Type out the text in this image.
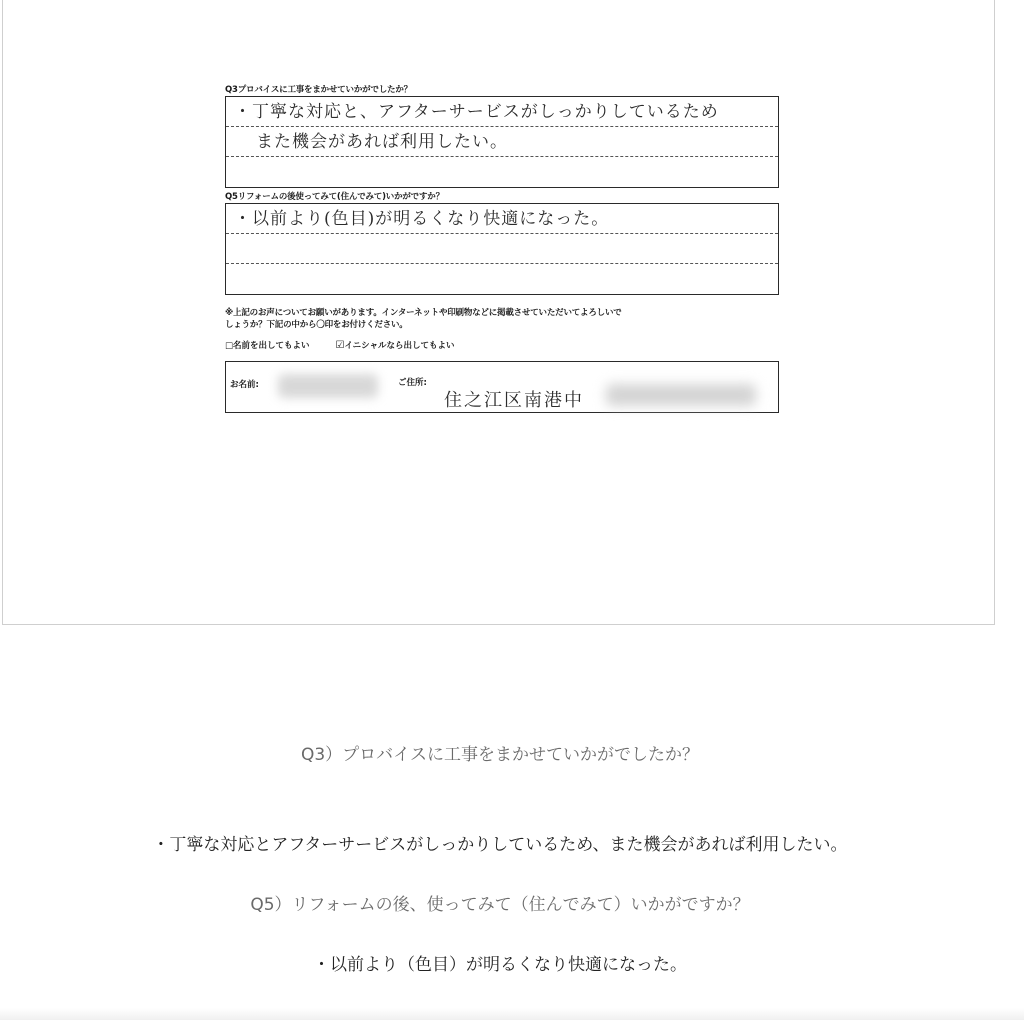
Q3プロバイスに工事をまかせていかがでしたか？
・丁寧な対応と、アフターサービスがしっかりしているため
また機会があれば利用したい。
Q5リフォームの後使ってみて(住んでみて)いかがですか？
・以前より(色目)が明るくなり快適になった。
※上記のお声についてお願いがあります。インターネットや印刷物などに掲載させていただいてよろしいで
しょうか？下記の中から〇印をお付けください。
□名前を出してもよい	☑イニシャルなら出してもよい
お名前:	ご住所:
住之江区南港中
Q3）プロバイスに工事をまかせていかがでしたか？
・丁寧な対応とアフターサービスがしっかりしているため、また機会があれば利用したい。
Q5）リフォームの後、使ってみて（住んでみて）いかがですか？
・以前より（色目）が明るくなり快適になった。
